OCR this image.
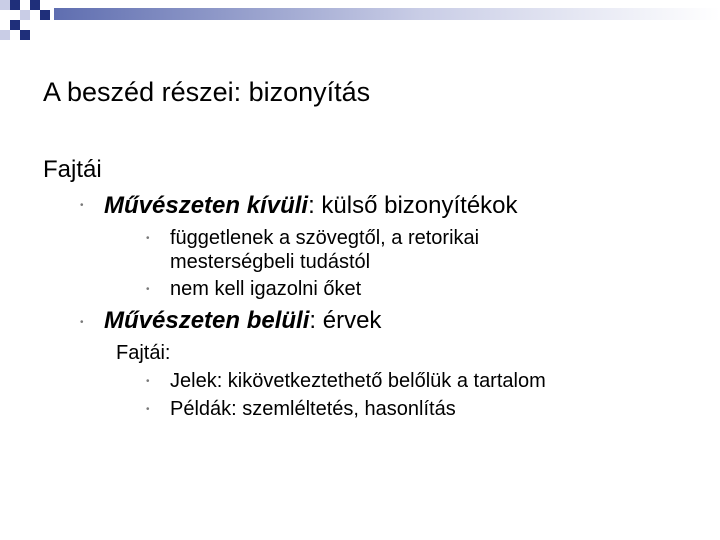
A beszéd részei: bizonyítás
Fajtái
• Művészeten kívüli: külső bizonyítékok
• függetlenek a szövegtől, a retorikai
mesterségbeli tudástól
• nem kell igazolni őket
• Művészeten belüli: érvek
Fajtái:
• Jelek: kikövetkeztethető belőlük a tartalom
• Példák: szemléltetés, hasonlítás
